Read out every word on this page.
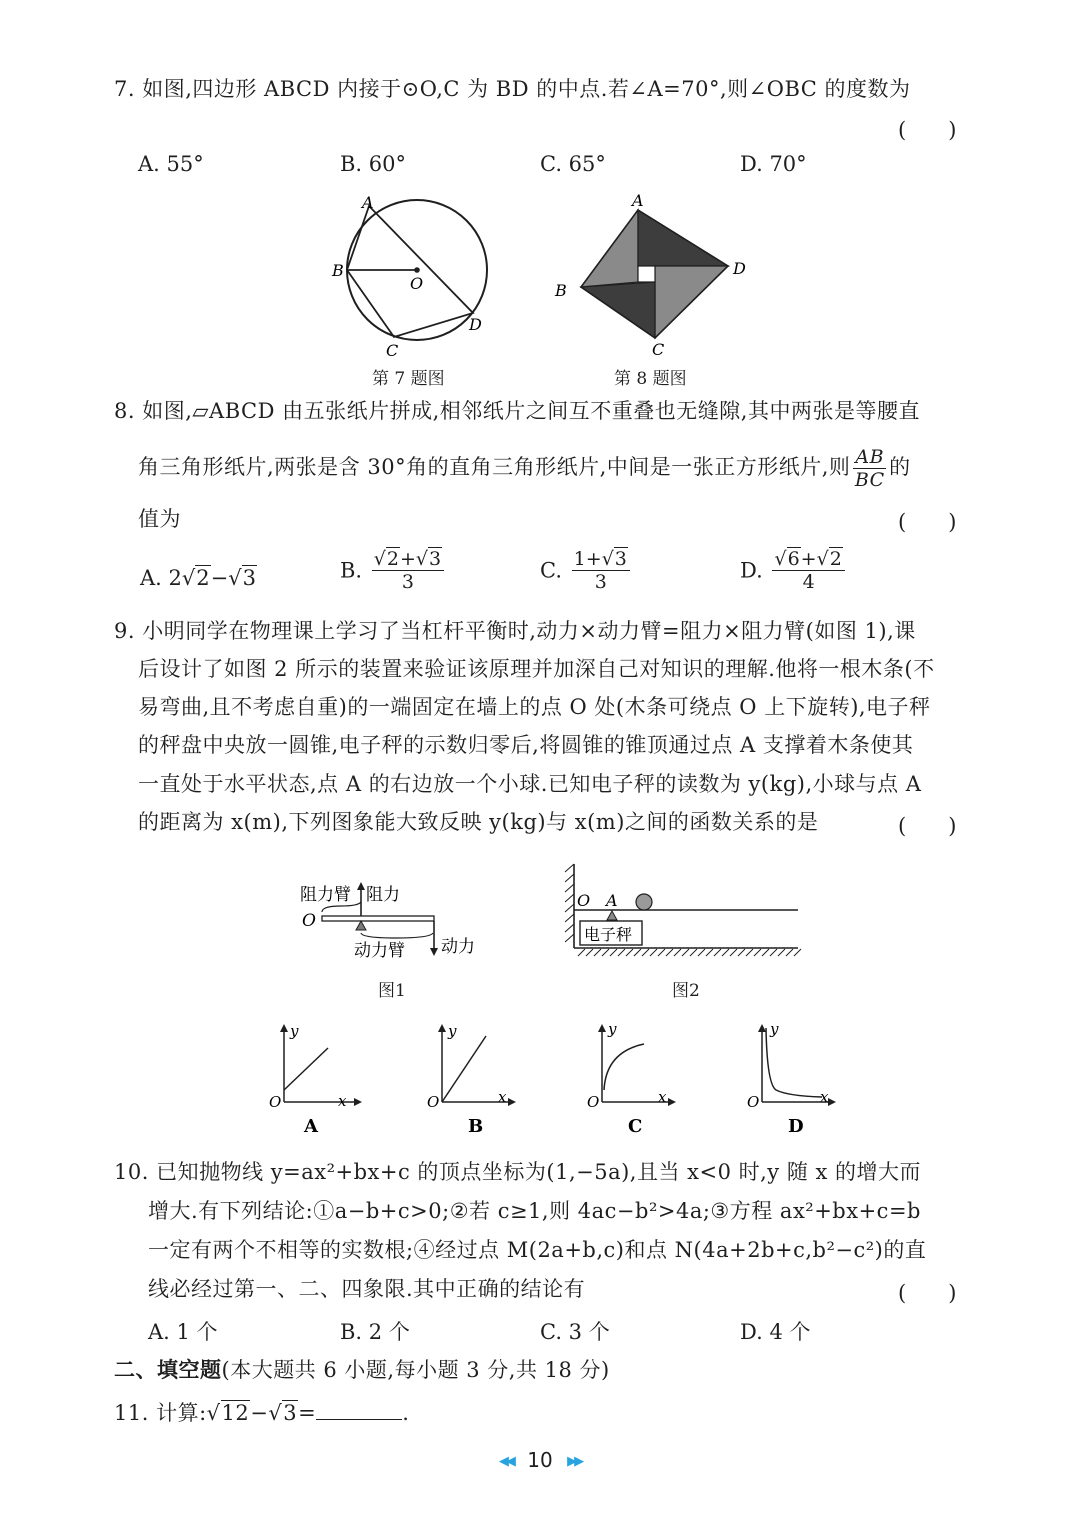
7. 如图,四边形 ABCD 内接于⊙O,C 为 BD 的中点.若∠A=70°,则∠OBC 的度数为
(　　)
A. 55°	B. 60°	C. 65°	D. 70°
A
B
O
C
D
第 7 题图
A
B
C
D
第 8 题图
8. 如图,▱ABCD 由五张纸片拼成,相邻纸片之间互不重叠也无缝隙,其中两张是等腰直
角三角形纸片,两张是含 30°角的直角三角形纸片,中间是一张正方形纸片,则 $\frac{AB}{BC}$ 的
值为	(　　)
A. 2√2−√3	B. $\frac{√2+√3}{3}$	C. $\frac{1+√3}{3}$	D. $\frac{√6+√2}{4}$
9. 小明同学在物理课上学习了当杠杆平衡时,动力×动力臂=阻力×阻力臂(如图 1),课
后设计了如图 2 所示的装置来验证该原理并加深自己对知识的理解.他将一根木条(不
易弯曲,且不考虑自重)的一端固定在墙上的点 O 处(木条可绕点 O 上下旋转),电子秤
的秤盘中央放一圆锥,电子秤的示数归零后,将圆锥的锥顶通过点 A 支撑着木条使其
一直处于水平状态,点 A 的右边放一个小球.已知电子秤的读数为 y(kg),小球与点 A
的距离为 x(m),下列图象能大致反映 y(kg)与 x(m)之间的函数关系的是	(　　)
阻力臂 阻力
O
动力臂 动力
图1
O A
电子秤
图2
y
x
O
A
y
x
O
B
y
x
O
C
y
x
O
D
10. 已知抛物线 y=ax²+bx+c 的顶点坐标为(1,−5a),且当 x<0 时,y 随 x 的增大而
增大.有下列结论:①a−b+c>0;②若 c≥1,则 4ac−b²>4a;③方程 ax²+bx+c=b
一定有两个不相等的实数根;④经过点 M(2a+b,c)和点 N(4a+2b+c,b²−c²)的直
线必经过第一、二、四象限.其中正确的结论有	(　　)
A. 1 个	B. 2 个	C. 3 个	D. 4 个
二、填空题(本大题共 6 小题,每小题 3 分,共 18 分)
11. 计算:√12−√3=	.
◀◀ 10 ▶▶
